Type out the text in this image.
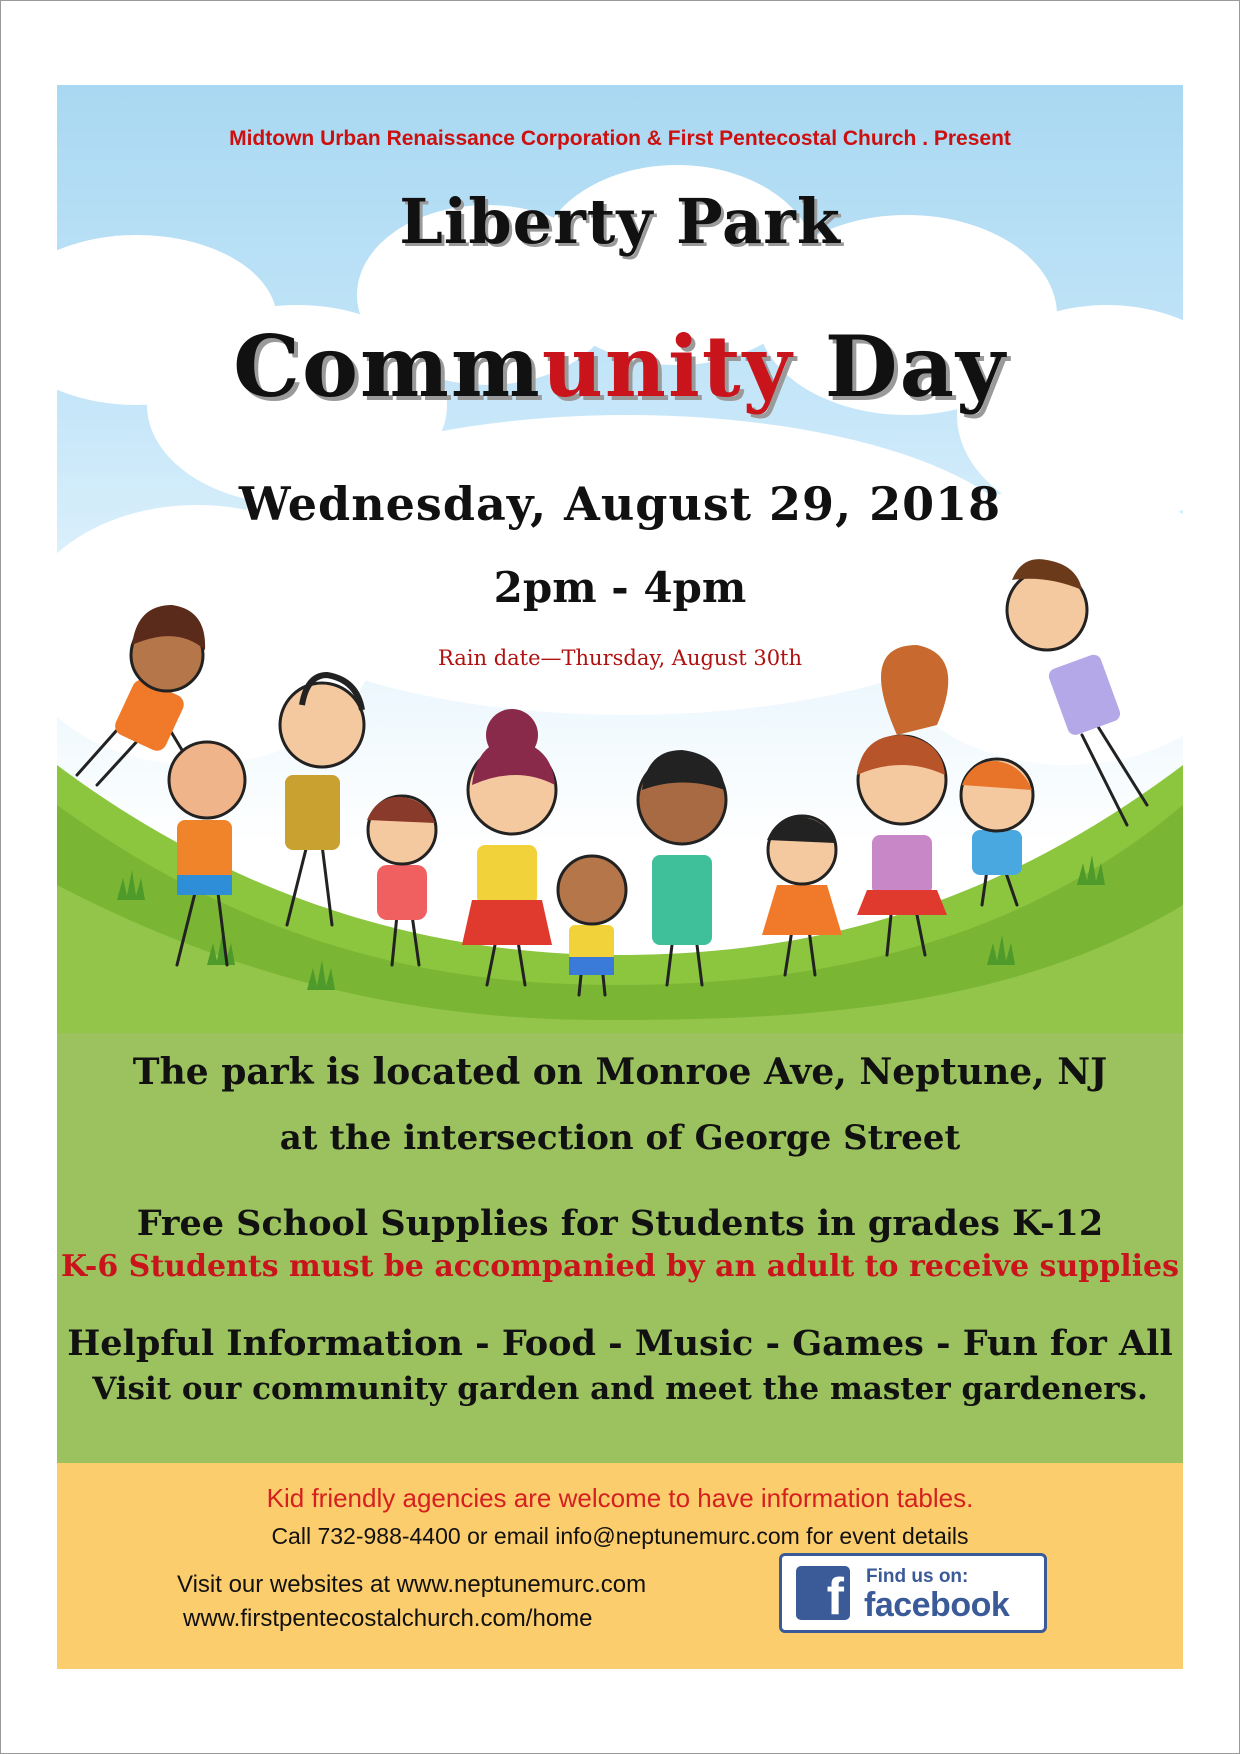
Midtown Urban Renaissance Corporation & First Pentecostal Church . Present
Liberty Park
Community Day
Wednesday, August 29, 2018
2pm - 4pm
Rain date—Thursday, August 30th
The park is located on Monroe Ave, Neptune, NJ
at the intersection of George Street
Free School Supplies for Students in grades K-12
K-6 Students must be accompanied by an adult to receive supplies
Helpful Information - Food - Music - Games - Fun for All
Visit our community garden and meet the master gardeners.
Kid friendly agencies are welcome to have information tables.
Call 732-988-4400 or email info@neptunemurc.com for event details
Visit our websites at www.neptunemurc.com
www.firstpentecostalchurch.com/home	f	Find us on:
facebook
